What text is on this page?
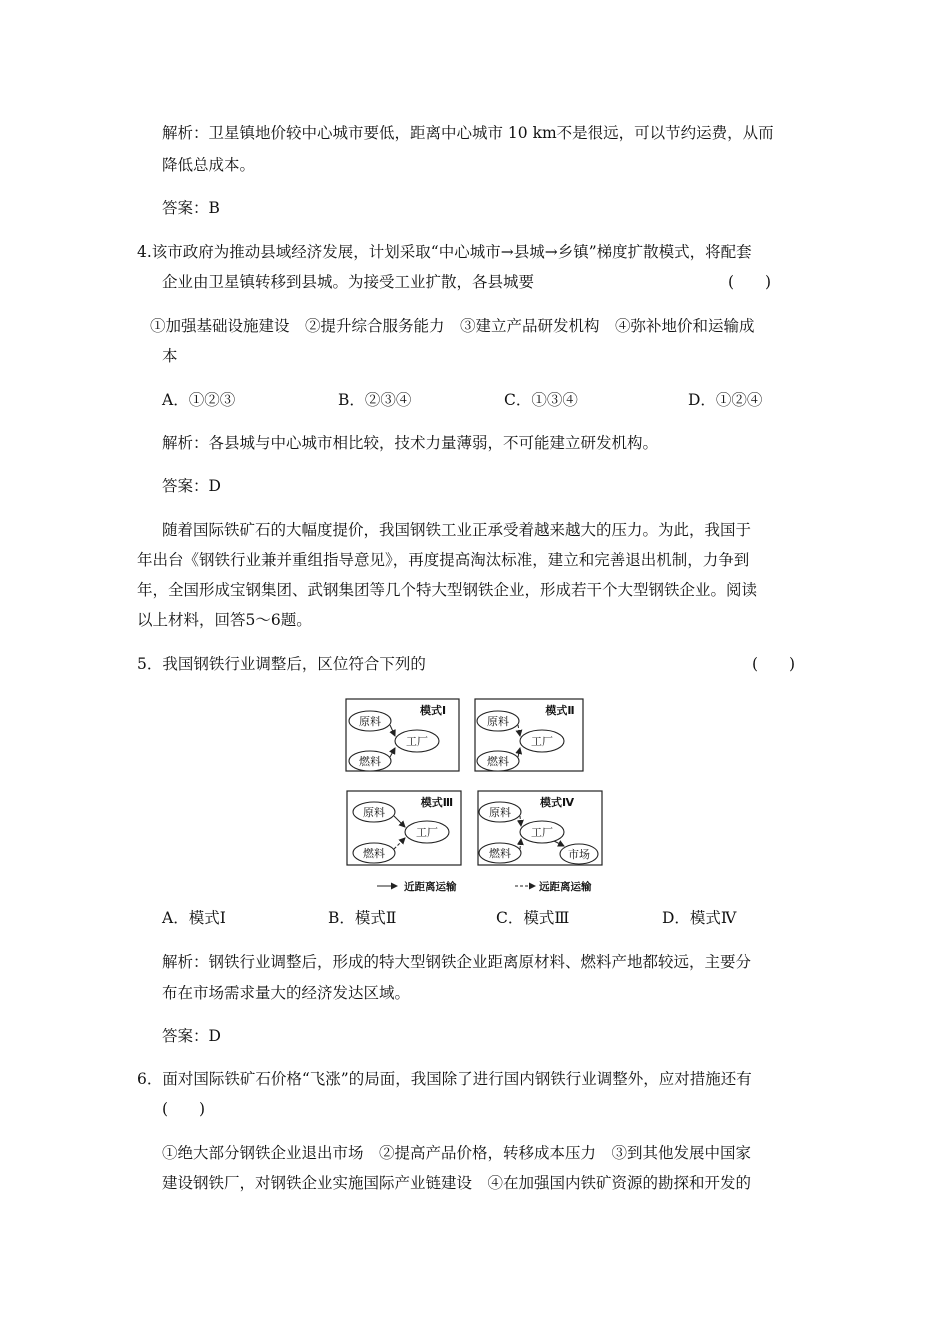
解析：卫星镇地价较中心城市要低，距离中心城市 10 km不是很远，可以节约运费，从而
降低总成本。
答案：B
4.该市政府为推动县域经济发展，计划采取“中心城市→县城→乡镇”梯度扩散模式，将配套
企业由卫星镇转移到县城。为接受工业扩散，各县城要	(　　)
①加强基础设施建设　②提升综合服务能力　③建立产品研发机构　④弥补地价和运输成
本
A．①②③	B．②③④	C．①③④	D．①②④
解析：各县城与中心城市相比较，技术力量薄弱，不可能建立研发机构。
答案：D
随着国际铁矿石的大幅度提价，我国钢铁工业正承受着越来越大的压力。为此，我国于
年出台《钢铁行业兼并重组指导意见》，再度提高淘汰标准，建立和完善退出机制，力争到
年，全国形成宝钢集团、武钢集团等几个特大型钢铁企业，形成若干个大型钢铁企业。阅读
以上材料，回答5～6题。
5．我国钢铁行业调整后，区位符合下列的	(　　)
模式Ⅰ
原料
燃料
工厂
模式Ⅱ
原料
燃料
工厂
模式Ⅲ
原料
燃料
工厂
模式Ⅳ
原料
燃料
工厂
市场
近距离运输	远距离运输
A．模式Ⅰ	B．模式Ⅱ	C．模式Ⅲ	D．模式Ⅳ
解析：钢铁行业调整后，形成的特大型钢铁企业距离原材料、燃料产地都较远，主要分
布在市场需求量大的经济发达区域。
答案：D
6．面对国际铁矿石价格“飞涨”的局面，我国除了进行国内钢铁行业调整外，应对措施还有
(　　)
①绝大部分钢铁企业退出市场　②提高产品价格，转移成本压力　③到其他发展中国家
建设钢铁厂，对钢铁企业实施国际产业链建设　④在加强国内铁矿资源的勘探和开发的
